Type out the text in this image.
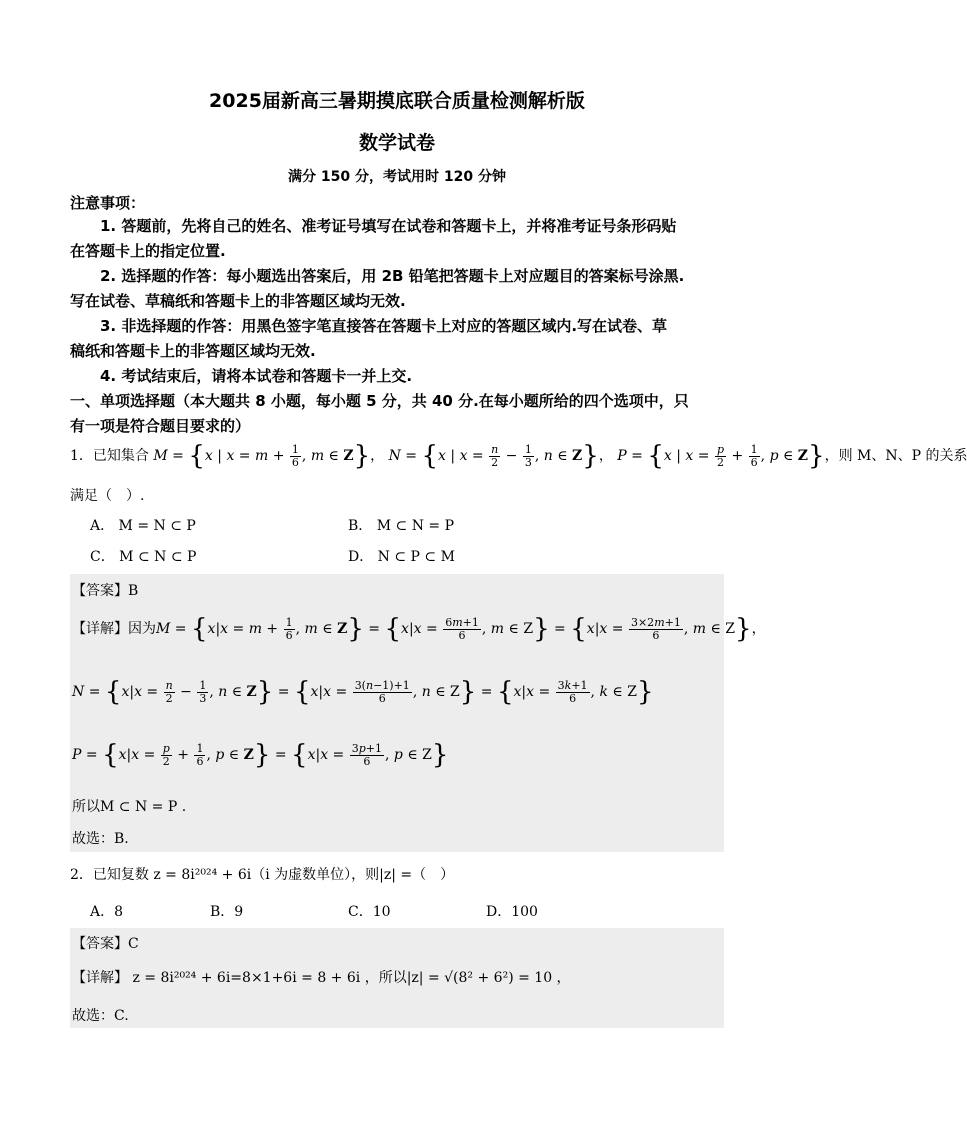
2025届新高三暑期摸底联合质量检测解析版
数学试卷
满分 150 分，考试用时 120 分钟
注意事项：
1. 答题前，先将自己的姓名、准考证号填写在试卷和答题卡上，并将准考证号条形码贴
在答题卡上的指定位置.
2. 选择题的作答：每小题选出答案后，用 2B 铅笔把答题卡上对应题目的答案标号涂黑.
写在试卷、草稿纸和答题卡上的非答题区域均无效.
3. 非选择题的作答：用黑色签字笔直接答在答题卡上对应的答题区域内.写在试卷、草
稿纸和答题卡上的非答题区域均无效.
4. 考试结束后，请将本试卷和答题卡一并上交.
一、单项选择题（本大题共 8 小题，每小题 5 分，共 40 分.在每小题所给的四个选项中，只
有一项是符合题目要求的）
1．已知集合 M = {x | $x = m + \frac{1}{6}$ , m ∈ Z}， N = {x | $x = \frac{n}{2} - \frac{1}{3}$ , n ∈ Z}， P = {x | $x = \frac{p}{2} + \frac{1}{6}$ , p ∈ Z}，则 M、N、P 的关系
满足（　）.
A． M = N ⊂ P	B． M ⊂ N = P
C． M ⊂ N ⊂ P	D． N ⊂ P ⊂ M
【答案】B
【详解】因为$M = \{x|x = m + \frac{1}{6}$ , m ∈ $Z\} = \{x|x = \frac{6m+1}{6}$ , m ∈ $Z\} = \{x|x = \frac{3\times 2m+1}{6}$ , m ∈ Z}，
$N = \{x|x = \frac{n}{2} - \frac{1}{3}$ , n ∈ $Z\} = \{x|x = \frac{3(n-1)+1}{6}$ , n ∈ $Z\} = \{x|x = \frac{3k+1}{6}$ , k ∈ Z}
$P = \{x|x = \frac{p}{2} + \frac{1}{6}$ , p ∈ $Z\} = \{x|x = \frac{3p+1}{6}$ , p ∈ Z}
所以M ⊂ N = P .
故选：B.
2．已知复数 z = 8i²⁰²⁴ + 6i（i 为虚数单位），则|z| =（　）
A．8	B．9	C．10	D．100
【答案】C
【详解】 z = 8i²⁰²⁴ + 6i=8×1+6i = 8 + 6i ，所以|z| = √(8² + 6²) = 10 ，
故选：C.
